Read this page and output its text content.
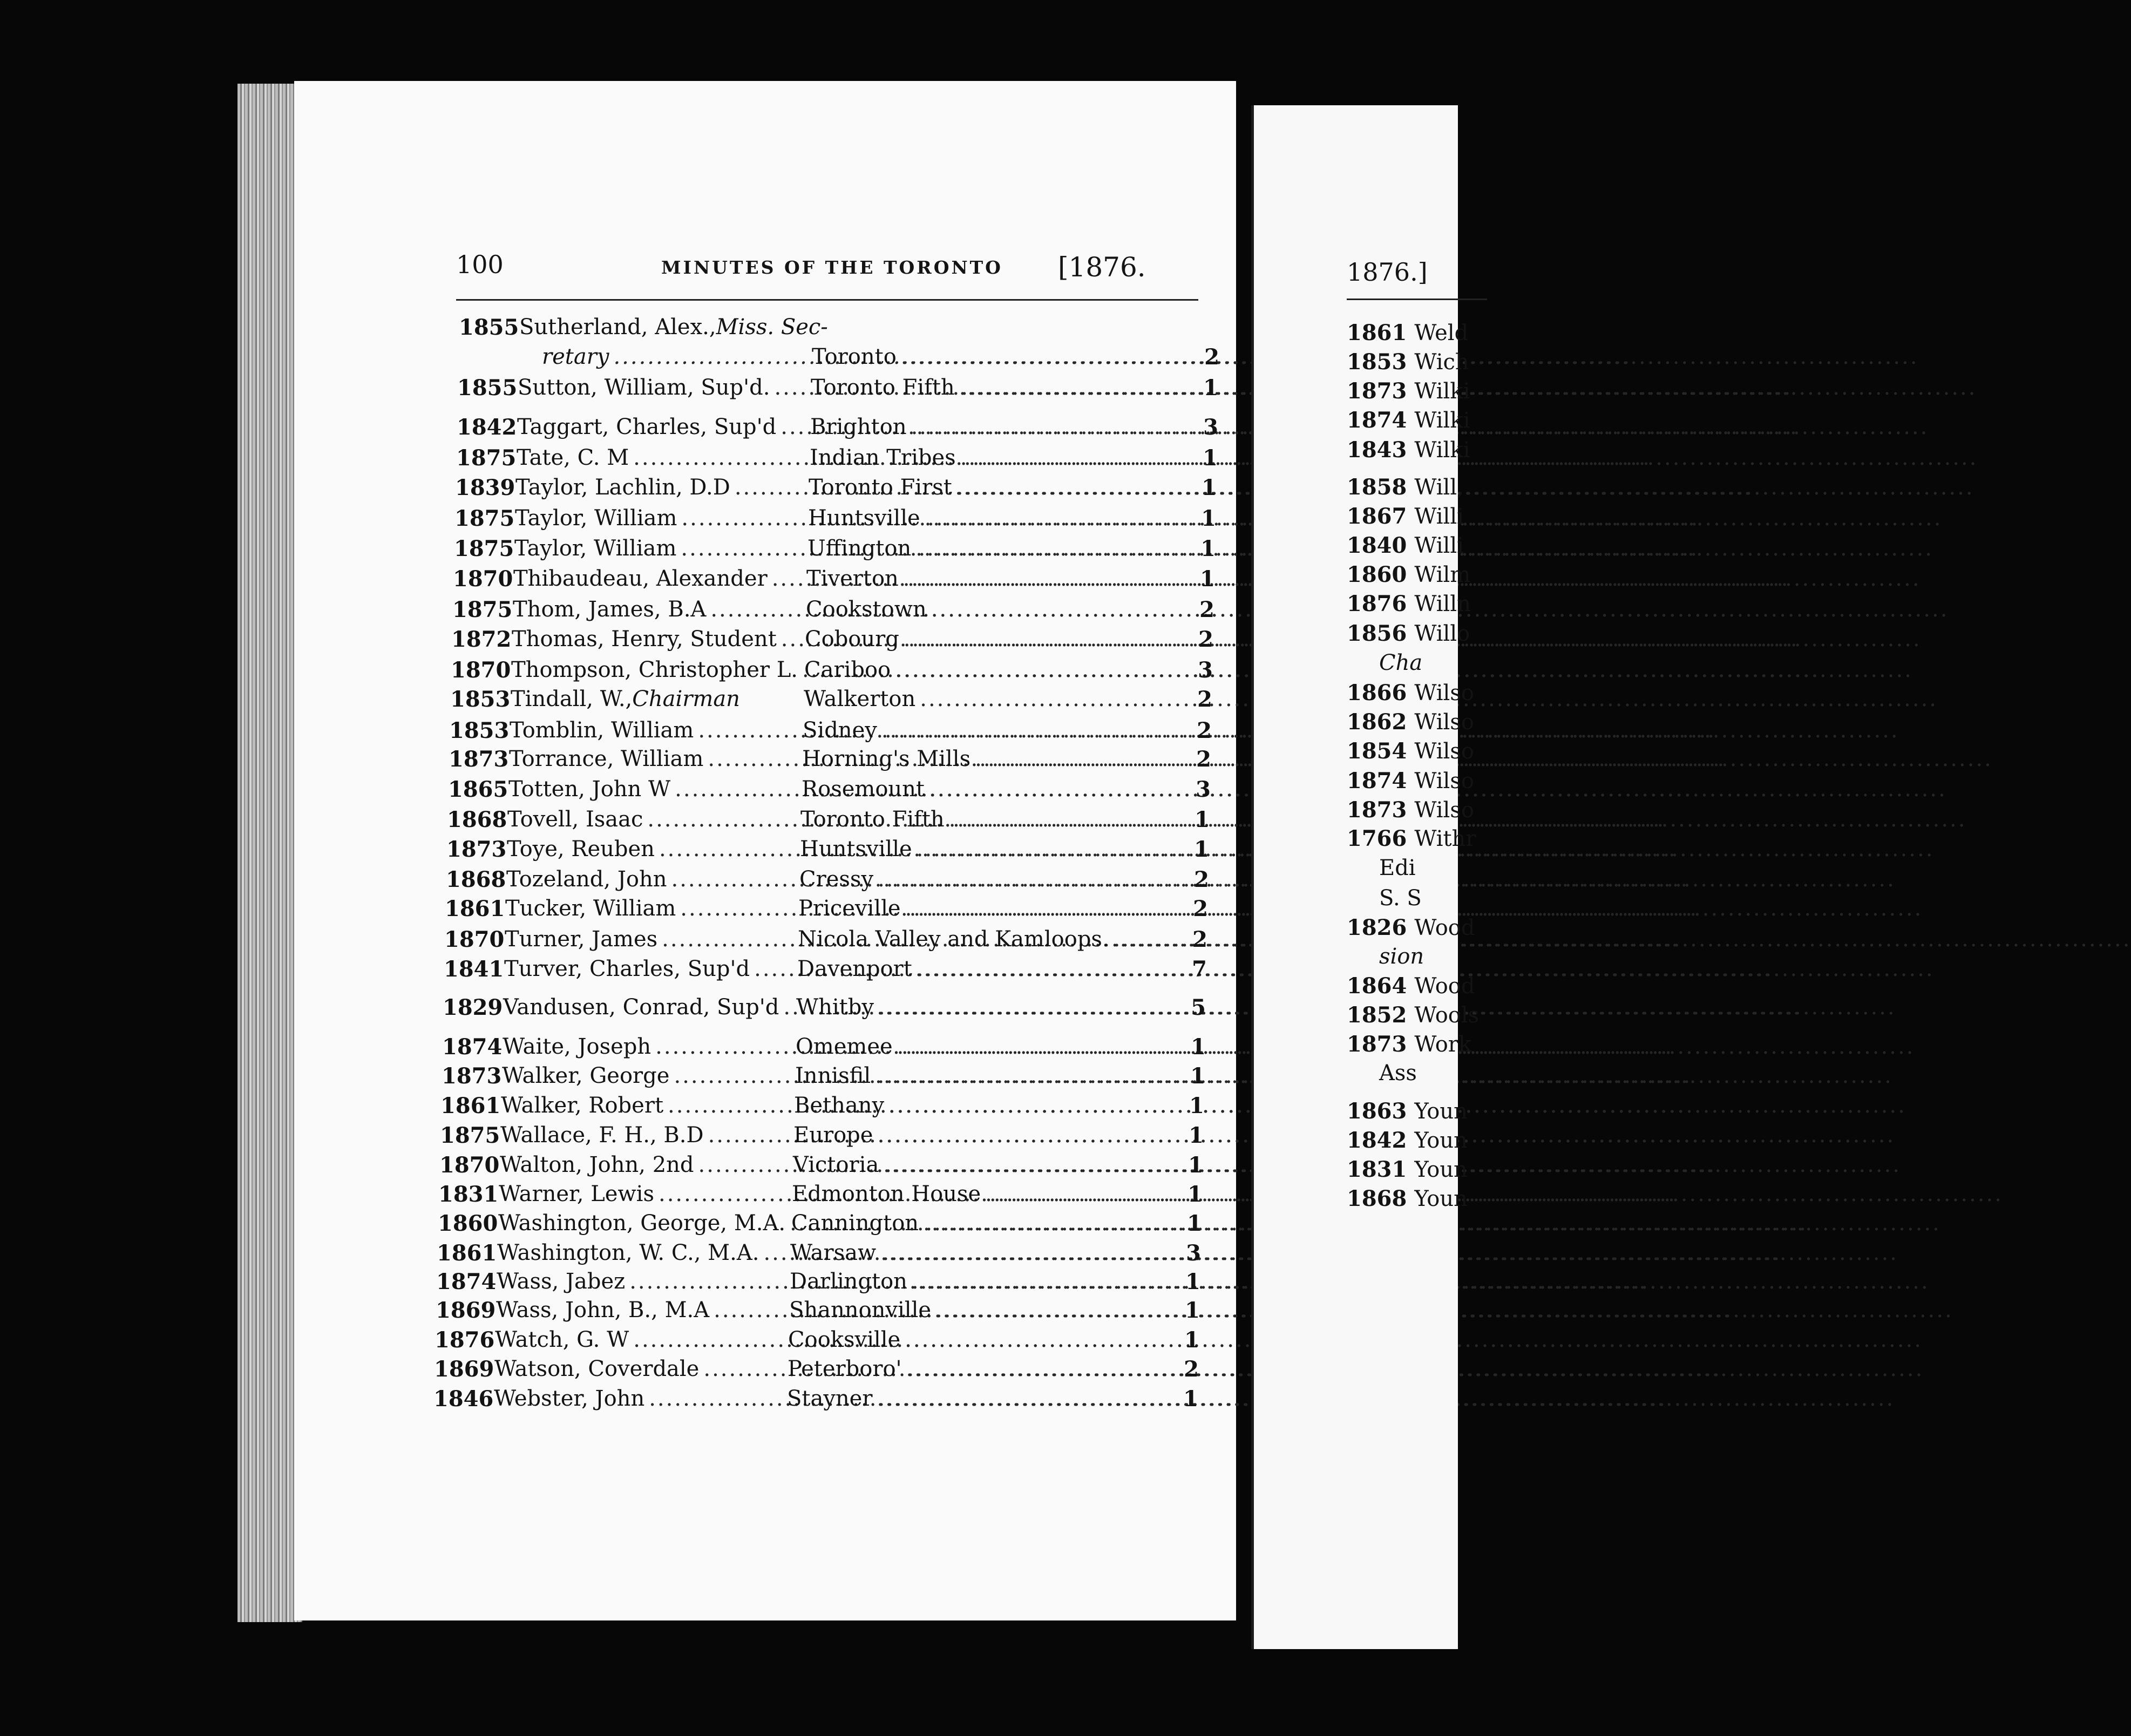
100	MINUTES OF THE TORONTO [1876.
1855 Sutherland, Alex., Miss. Sec-
retary .....	Toronto .....	2
1855 Sutton, William, Sup'd. ..... Toronto Fifth .....	1
1842 Taggart, Charles, Sup'd ..... Brighton .....	3
1875 Tate, C. M .....	Indian Tribes .....	1
1839 Taylor, Lachlin, D.D .....	Toronto First .....	1
1875 Taylor, William .....	Huntsville .....	1
1875 Taylor, William .....	Uffington .....	1
1870 Thibaudeau, Alexander ..... Tiverton .....	1
1875 Thom, James, B.A .....	Cookstown .....	2
1872 Thomas, Henry, Student ..... Cobourg .....	2
1870 Thompson, Christopher L. ..... Cariboo .....	3
1853 Tindall, W., Chairman	Walkerton .....	2
1853 Tomblin, William .....	Sidney .....	2
1873 Torrance, William .....	Horning's Mills .....	2
1865 Totten, John W .....	Rosemount .....	3
1868 Tovell, Isaac .....	Toronto Fifth .....	1
1873 Toye, Reuben .....	Huntsville .....	1
1868 Tozeland, John .....	Cressy .....	2
1861 Tucker, William .....	Priceville .....	2
1870 Turner, James .....	Nicola Valley and Kamloops. .....	2
1841 Turver, Charles, Sup'd ..... Davenport .....	7
1829 Vandusen, Conrad, Sup'd ..... Whitby .....	5
1874 Waite, Joseph .....	Omemee .....	1
1873 Walker, George .....	Innisfil .....	1
1861 Walker, Robert .....	Bethany .....	1
1875 Wallace, F. H., B.D .....	Europe .....	1
1870 Walton, John, 2nd .....	Victoria .....	1
1831 Warner, Lewis .....	Edmonton House .....	1
1860 Washington, George, M.A. ..... Cannington .....	1
1861 Washington, W. C., M.A. ..... Warsaw .....	3
1874 Wass, Jabez .....	Darlington .....	1
1869 Wass, John, B., M.A .....	Shannonville .....	1
1876 Watch, G. W .....	Cooksville .....	1
1869 Watson, Coverdale .....	Peterboro' .....	2
1846 Webster, John .....	Stayner .....	1
1876.]
1861 Weld
1853 Wich
1873 Wilki
1874 Wilki
1843 Wilki
1858 Will,
1867 Willi
1840 Willi
1860 Wilm
1876 Willn
1856 Willo
Cha
1866 Wilso
1862 Wilso
1854 Wilso
1874 Wilso
1873 Wilso
1766 Withr
Edi
S. S
1826 Wood
sion
1864 Wood
1852 Wools
1873 Work
Ass
1863 Youn
1842 Youn
1831 Youn
1868 Youn
